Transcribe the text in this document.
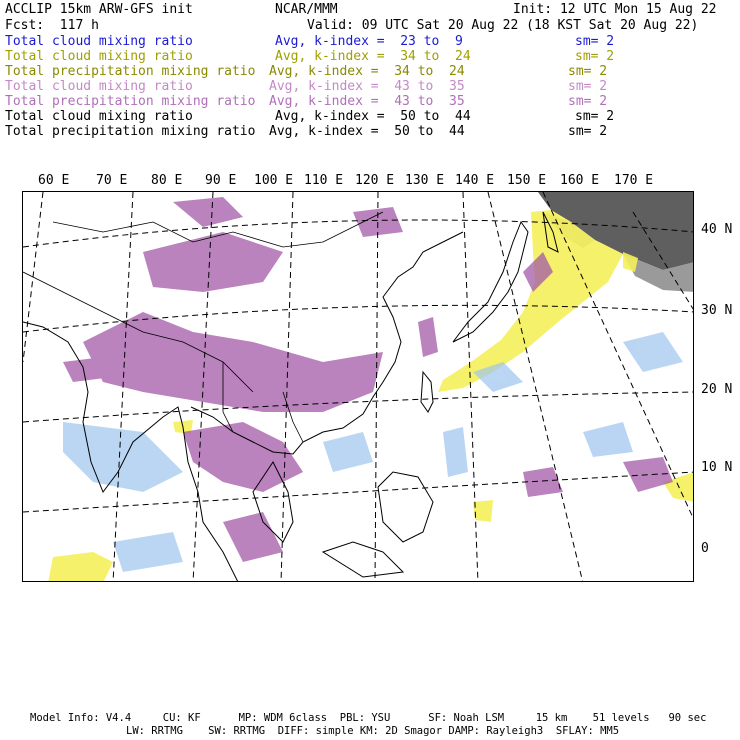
ACCLIP 15km ARW-GFS init	NCAR/MMM	Init: 12 UTC Mon 15 Aug 22
Fcst:  117 h	Valid: 09 UTC Sat 20 Aug 22 (18 KST Sat 20 Aug 22)
Total cloud mixing ratio	Avg, k-index =  23 to  9	sm= 2
Total cloud mixing ratio	Avg, k-index =  34 to  24	sm= 2
Total precipitation mixing ratio Avg, k-index =  34 to  24	sm= 2
Total cloud mixing ratio	Avg, k-index =  43 to  35	sm= 2
Total precipitation mixing ratio Avg, k-index =  43 to  35	sm= 2
Total cloud mixing ratio	Avg, k-index =  50 to  44	sm= 2
Total precipitation mixing ratio Avg, k-index =  50 to  44	sm= 2
60 E 70 E 80 E 90 E 100 E 110 E 120 E 130 E 140 E 150 E 160 E 170 E
40 N
30 N
20 N
10 N
0
Model Info: V4.4     CU: KF      MP: WDM 6class  PBL: YSU      SF: Noah LSM     15 km    51 levels   90 sec
LW: RRTMG    SW: RRTMG  DIFF: simple KM: 2D Smagor DAMP: Rayleigh3  SFLAY: MM5
